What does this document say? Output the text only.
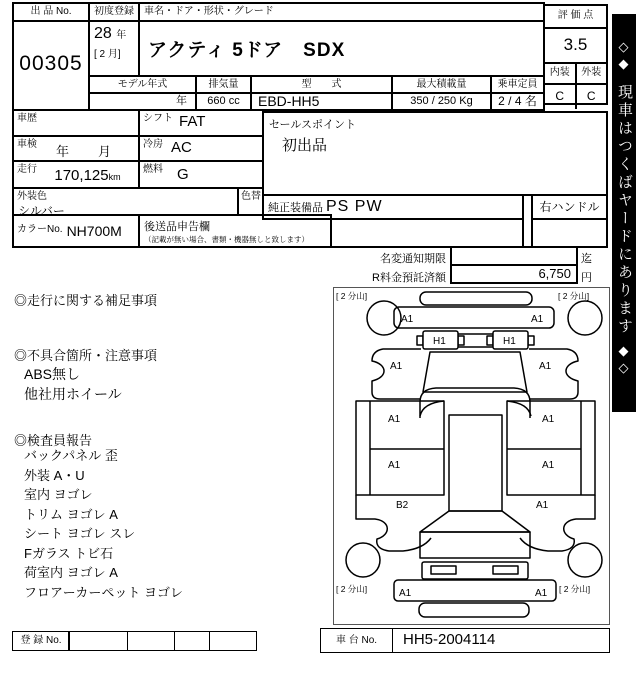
出 品 No.
00305
初度登録
28 年
[ 2 月]
車名・ドア・形状・グレード
アクティ 5ドア　SDX
評 価 点
3.5
内装	外装
C	C
モデル年式	排気量	型　　式	最大積載量	乗車定員
年	660 cc	EBD-HH5	350 / 250 Kg	2 / 4 名
車歴	シフト FAT
車検	年　月	冷房 AC
走行	170,125km
燃料 G
外装色
シルバー
色替
カラーNo. NH700M	後送品申告欄
（記載が無い場合、書類・機器無しと致します）
セールスポイント
初出品
純正装備品 PS PW	右ハンドル
名変通知期限	迄
R料金預託済額	6,750 円
◎走行に関する補足事項
◎不具合箇所・注意事項
ABS無し
他社用ホイール
◎検査員報告
バックパネル 歪
外装 A・U
室内 ヨゴレ
トリム ヨゴレ A
シート ヨゴレ スレ
Fガラス トビ石
荷室内 ヨゴレ A
フロアーカーペット ヨゴレ
[ 2 分山]	[ 2 分山]
[ 2 分山]	[ 2 分山]
A1	A1
H1	H1
A1	A1
A1
A1
A1
A1
B2	A1
A1	A1
登 録 No.	車 台 No.	HH5-2004114
◇◆現車はつくばヤードにあります◆◇
